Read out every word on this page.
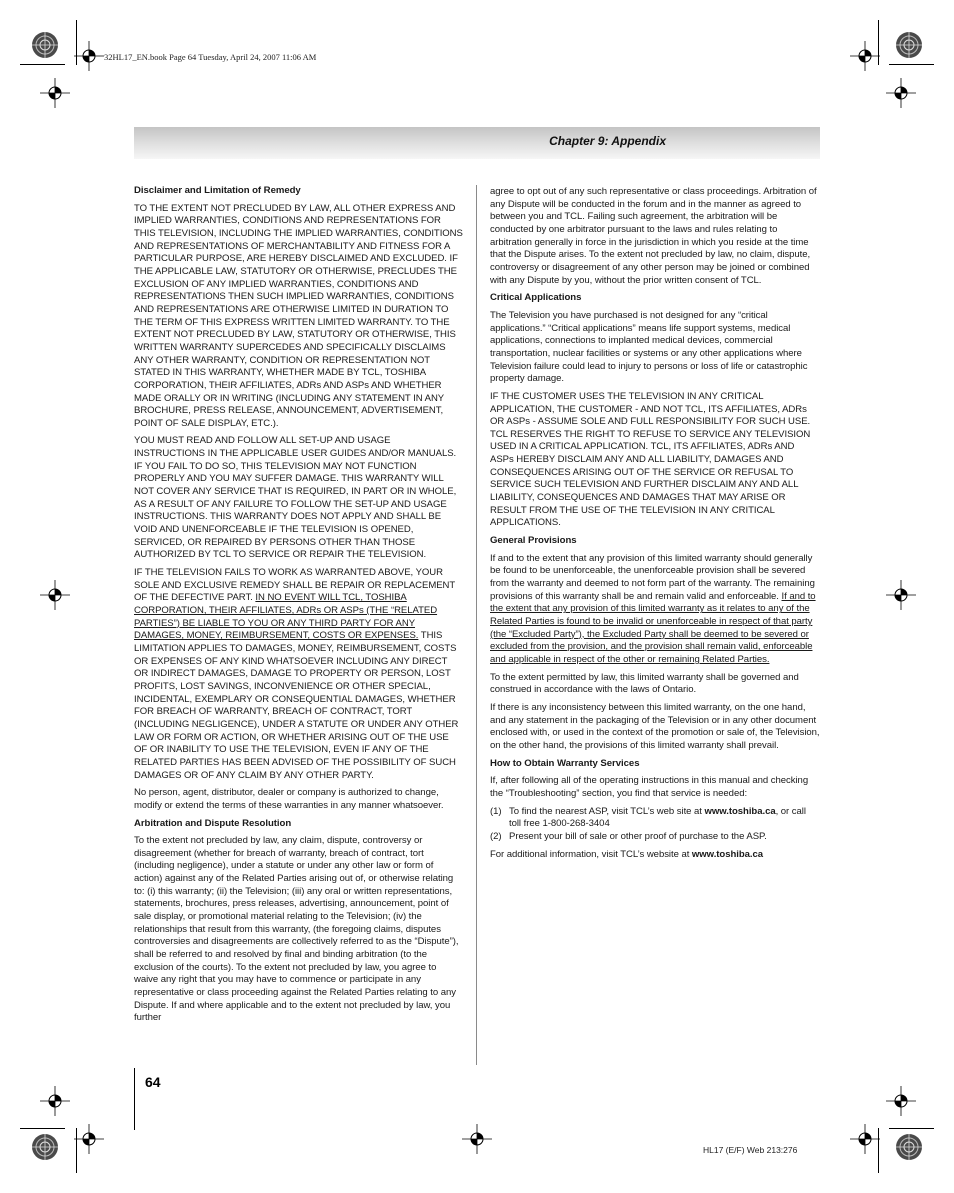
32HL17_EN.book Page 64 Tuesday, April 24, 2007 11:06 AM
Chapter 9: Appendix
Disclaimer and Limitation of Remedy

TO THE EXTENT NOT PRECLUDED BY LAW, ALL OTHER EXPRESS AND IMPLIED WARRANTIES, CONDITIONS AND REPRESENTATIONS FOR THIS TELEVISION, INCLUDING THE IMPLIED WARRANTIES, CONDITIONS AND REPRESENTATIONS OF MERCHANTABILITY AND FITNESS FOR A PARTICULAR PURPOSE, ARE HEREBY DISCLAIMED AND EXCLUDED. IF THE APPLICABLE LAW, STATUTORY OR OTHERWISE, PRECLUDES THE EXCLUSION OF ANY IMPLIED WARRANTIES, CONDITIONS AND REPRESENTATIONS THEN SUCH IMPLIED WARRANTIES, CONDITIONS AND REPRESENTATIONS ARE OTHERWISE LIMITED IN DURATION TO THE TERM OF THIS EXPRESS WRITTEN LIMITED WARRANTY. TO THE EXTENT NOT PRECLUDED BY LAW, STATUTORY OR OTHERWISE, THIS WRITTEN WARRANTY SUPERCEDES AND SPECIFICALLY DISCLAIMS ANY OTHER WARRANTY, CONDITION OR REPRESENTATION NOT STATED IN THIS WARRANTY, WHETHER MADE BY TCL, TOSHIBA CORPORATION, THEIR AFFILIATES, ADRs AND ASPs AND WHETHER MADE ORALLY OR IN WRITING (INCLUDING ANY STATEMENT IN ANY BROCHURE, PRESS RELEASE, ANNOUNCEMENT, ADVERTISEMENT, POINT OF SALE DISPLAY, ETC.).

YOU MUST READ AND FOLLOW ALL SET-UP AND USAGE INSTRUCTIONS IN THE APPLICABLE USER GUIDES AND/OR MANUALS. IF YOU FAIL TO DO SO, THIS TELEVISION MAY NOT FUNCTION PROPERLY AND YOU MAY SUFFER DAMAGE. THIS WARRANTY WILL NOT COVER ANY SERVICE THAT IS REQUIRED, IN PART OR IN WHOLE, AS A RESULT OF ANY FAILURE TO FOLLOW THE SET-UP AND USAGE INSTRUCTIONS. THIS WARRANTY DOES NOT APPLY AND SHALL BE VOID AND UNENFORCEABLE IF THE TELEVISION IS OPENED, SERVICED, OR REPAIRED BY PERSONS OTHER THAN THOSE AUTHORIZED BY TCL TO SERVICE OR REPAIR THE TELEVISION.

IF THE TELEVISION FAILS TO WORK AS WARRANTED ABOVE, YOUR SOLE AND EXCLUSIVE REMEDY SHALL BE REPAIR OR REPLACEMENT OF THE DEFECTIVE PART. IN NO EVENT WILL TCL, TOSHIBA CORPORATION, THEIR AFFILIATES, ADRs OR ASPs (THE “RELATED PARTIES”) BE LIABLE TO YOU OR ANY THIRD PARTY FOR ANY DAMAGES, MONEY, REIMBURSEMENT, COSTS OR EXPENSES. THIS LIMITATION APPLIES TO DAMAGES, MONEY, REIMBURSEMENT, COSTS OR EXPENSES OF ANY KIND WHATSOEVER INCLUDING ANY DIRECT OR INDIRECT DAMAGES, DAMAGE TO PROPERTY OR PERSON, LOST PROFITS, LOST SAVINGS, INCONVENIENCE OR OTHER SPECIAL, INCIDENTAL, EXEMPLARY OR CONSEQUENTIAL DAMAGES, WHETHER FOR BREACH OF WARRANTY, BREACH OF CONTRACT, TORT (INCLUDING NEGLIGENCE), UNDER A STATUTE OR UNDER ANY OTHER LAW OR FORM OR ACTION, OR WHETHER ARISING OUT OF THE USE OF OR INABILITY TO USE THE TELEVISION, EVEN IF ANY OF THE RELATED PARTIES HAS BEEN ADVISED OF THE POSSIBILITY OF SUCH DAMAGES OR OF ANY CLAIM BY ANY OTHER PARTY.

No person, agent, distributor, dealer or company is authorized to change, modify or extend the terms of these warranties in any manner whatsoever.

Arbitration and Dispute Resolution

To the extent not precluded by law, any claim, dispute, controversy or disagreement (whether for breach of warranty, breach of contract, tort (including negligence), under a statute or under any other law or form of action) against any of the Related Parties arising out of, or otherwise relating to: (i) this warranty; (ii) the Television; (iii) any oral or written representations, statements, brochures, press releases, advertising, announcement, point of sale display, or promotional material relating to the Television; (iv) the relationships that result from this warranty, (the foregoing claims, disputes controversies and disagreements are collectively referred to as the “Dispute”), shall be referred to and resolved by final and binding arbitration (to the exclusion of the courts). To the extent not precluded by law, you agree to waive any right that you may have to commence or participate in any representative or class proceeding against the Related Parties relating to any Dispute. If and where applicable and to the extent not precluded by law, you further

agree to opt out of any such representative or class proceedings. Arbitration of any Dispute will be conducted in the forum and in the manner as agreed to between you and TCL. Failing such agreement, the arbitration will be conducted by one arbitrator pursuant to the laws and rules relating to arbitration generally in force in the jurisdiction in which you reside at the time that the Dispute arises. To the extent not precluded by law, no claim, dispute, controversy or disagreement of any other person may be joined or combined with any Dispute by you, without the prior written consent of TCL.

Critical Applications

The Television you have purchased is not designed for any “critical applications.” “Critical applications” means life support systems, medical applications, connections to implanted medical devices, commercial transportation, nuclear facilities or systems or any other applications where Television failure could lead to injury to persons or loss of life or catastrophic property damage.

IF THE CUSTOMER USES THE TELEVISION IN ANY CRITICAL APPLICATION, THE CUSTOMER - AND NOT TCL, ITS AFFILIATES, ADRs OR ASPs - ASSUME SOLE AND FULL RESPONSIBILITY FOR SUCH USE. TCL RESERVES THE RIGHT TO REFUSE TO SERVICE ANY TELEVISION USED IN A CRITICAL APPLICATION. TCL, ITS AFFILIATES, ADRs AND ASPs HEREBY DISCLAIM ANY AND ALL LIABILITY, DAMAGES AND CONSEQUENCES ARISING OUT OF THE SERVICE OR REFUSAL TO SERVICE SUCH TELEVISION AND FURTHER DISCLAIM ANY AND ALL LIABILITY, CONSEQUENCES AND DAMAGES THAT MAY ARISE OR RESULT FROM THE USE OF THE TELEVISION IN ANY CRITICAL APPLICATIONS.

General Provisions

If and to the extent that any provision of this limited warranty should generally be found to be unenforceable, the unenforceable provision shall be severed from the warranty and deemed to not form part of the warranty. The remaining provisions of this warranty shall be and remain valid and enforceable. If and to the extent that any provision of this limited warranty as it relates to any of the Related Parties is found to be invalid or unenforceable in respect of that party (the “Excluded Party”), the Excluded Party shall be deemed to be severed or excluded from the provision, and the provision shall remain valid, enforceable and applicable in respect of the other or remaining Related Parties.

To the extent permitted by law, this limited warranty shall be governed and construed in accordance with the laws of Ontario.

If there is any inconsistency between this limited warranty, on the one hand, and any statement in the packaging of the Television or in any other document enclosed with, or used in the context of the promotion or sale of, the Television, on the other hand, the provisions of this limited warranty shall prevail.

How to Obtain Warranty Services

If, after following all of the operating instructions in this manual and checking the “Troubleshooting” section, you find that service is needed:

(1) To find the nearest ASP, visit TCL’s web site at www.toshiba.ca, or call toll free 1-800-268-3404
(2) Present your bill of sale or other proof of purchase to the ASP.

For additional information, visit TCL’s website at www.toshiba.ca

64
HL17 (E/F) Web 213:276
